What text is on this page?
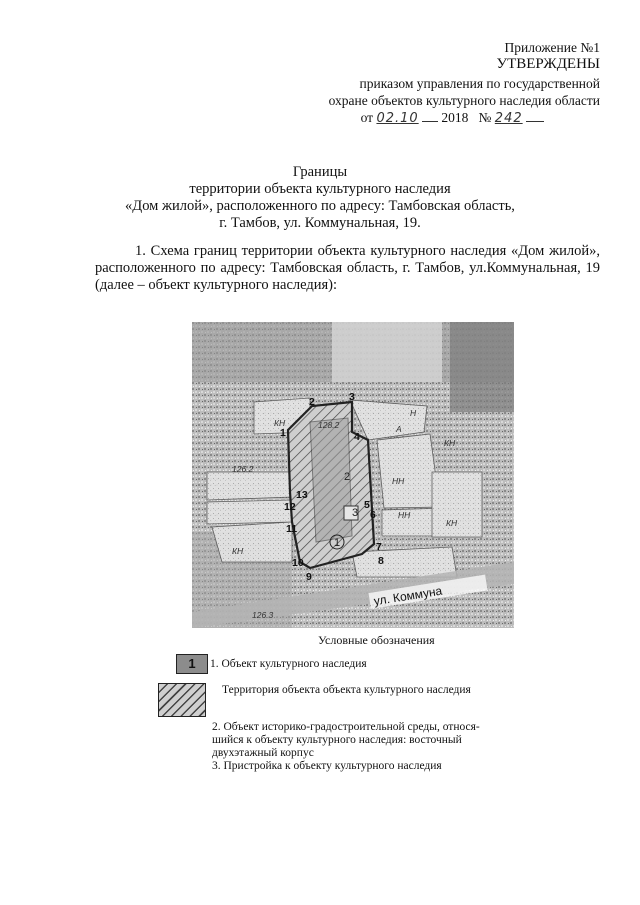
Приложение №1
УТВЕРЖДЕНЫ
приказом управления по государственной
охране объектов культурного наследия области
от 02.10 2018 № 242
Границы
территории объекта культурного наследия
«Дом жилой», расположенного по адресу: Тамбовская область,
г. Тамбов, ул. Коммунальная, 19.
1. Схема границ территории объекта культурного наследия «Дом жилой», расположенного по адресу: Тамбовская область, г. Тамбов, ул.Коммунальная, 19 (далее – объект культурного наследия):
1
2	3
4
5
6
7
8
9
10
11
12
13
1
2
3
126.2
128.2
126.3
Н
КН
КН
НН
НН
КН
КН
А
ул. Коммуна
Условные обозначения
1	1. Объект культурного наследия
Территория объекта объекта культурного наследия
2. Объект историко-градостроительной среды, относя-
шийся к объекту культурного наследия: восточный
двухэтажный корпус
3. Пристройка к объекту культурного наследия
